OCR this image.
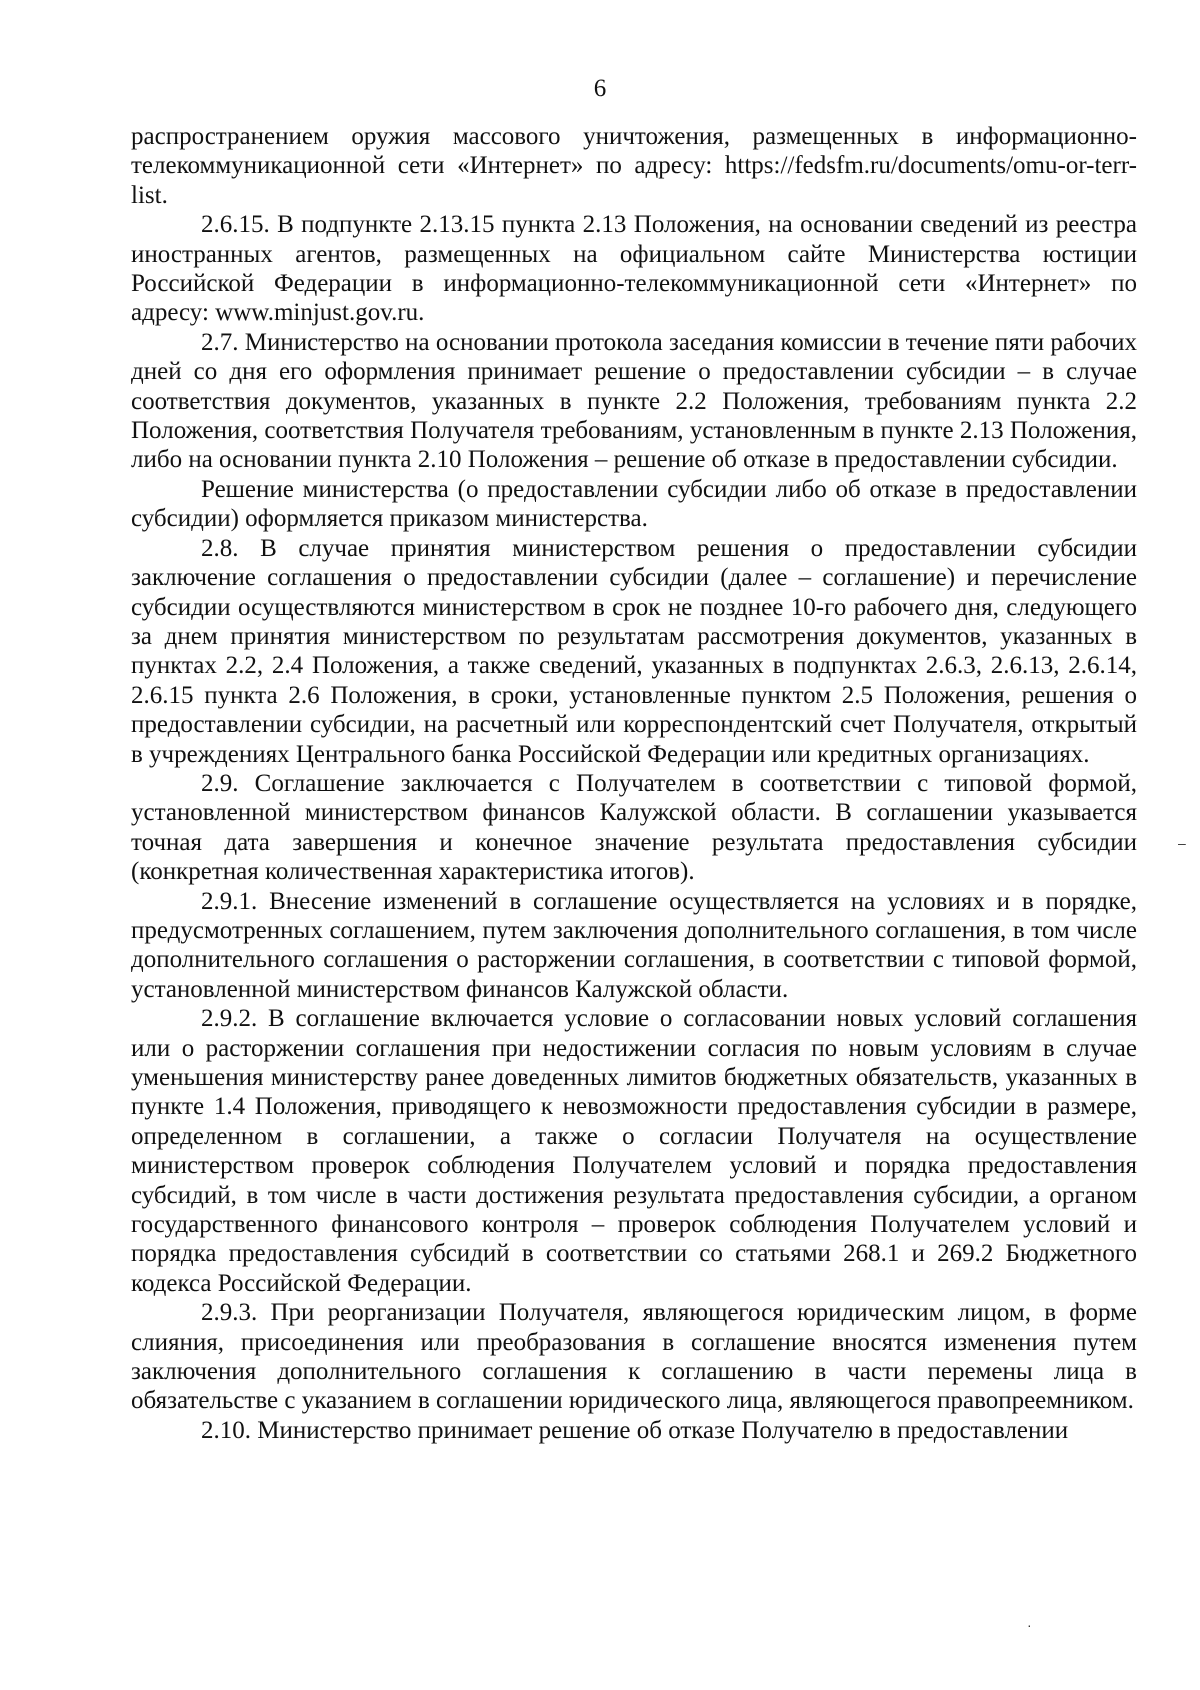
6

распространением оружия массового уничтожения, размещенных в информационно-телекоммуникационной сети «Интернет» по адресу: https://fedsfm.ru/documents/omu-or-terr-list.

2.6.15. В подпункте 2.13.15 пункта 2.13 Положения, на основании сведений из реестра иностранных агентов, размещенных на официальном сайте Министерства юстиции Российской Федерации в информационно-телекоммуникационной сети «Интернет» по адресу: www.minjust.gov.ru.

2.7. Министерство на основании протокола заседания комиссии в течение пяти рабочих дней со дня его оформления принимает решение о предоставлении субсидии – в случае соответствия документов, указанных в пункте 2.2 Положения, требованиям пункта 2.2 Положения, соответствия Получателя требованиям, установленным в пункте 2.13 Положения, либо на основании пункта 2.10 Положения – решение об отказе в предоставлении субсидии.

Решение министерства (о предоставлении субсидии либо об отказе в предоставлении субсидии) оформляется приказом министерства.

2.8. В случае принятия министерством решения о предоставлении субсидии заключение соглашения о предоставлении субсидии (далее – соглашение) и перечисление субсидии осуществляются министерством в срок не позднее 10-го рабочего дня, следующего за днем принятия министерством по результатам рассмотрения документов, указанных в пунктах 2.2, 2.4 Положения, а также сведений, указанных в подпунктах 2.6.3, 2.6.13, 2.6.14, 2.6.15 пункта 2.6 Положения, в сроки, установленные пунктом 2.5 Положения, решения о предоставлении субсидии, на расчетный или корреспондентский счет Получателя, открытый в учреждениях Центрального банка Российской Федерации или кредитных организациях.

2.9. Соглашение заключается с Получателем в соответствии с типовой формой, установленной министерством финансов Калужской области. В соглашении указывается точная дата завершения и конечное значение результата предоставления субсидии (конкретная количественная характеристика итогов).

2.9.1. Внесение изменений в соглашение осуществляется на условиях и в порядке, предусмотренных соглашением, путем заключения дополнительного соглашения, в том числе дополнительного соглашения о расторжении соглашения, в соответствии с типовой формой, установленной министерством финансов Калужской области.

2.9.2. В соглашение включается условие о согласовании новых условий соглашения или о расторжении соглашения при недостижении согласия по новым условиям в случае уменьшения министерству ранее доведенных лимитов бюджетных обязательств, указанных в пункте 1.4 Положения, приводящего к невозможности предоставления субсидии в размере, определенном в соглашении, а также о согласии Получателя на осуществление министерством проверок соблюдения Получателем условий и порядка предоставления субсидий, в том числе в части достижения результата предоставления субсидии, а органом государственного финансового контроля – проверок соблюдения Получателем условий и порядка предоставления субсидий в соответствии со статьями 268.1 и 269.2 Бюджетного кодекса Российской Федерации.

2.9.3. При реорганизации Получателя, являющегося юридическим лицом, в форме слияния, присоединения или преобразования в соглашение вносятся изменения путем заключения дополнительного соглашения к соглашению в части перемены лица в обязательстве с указанием в соглашении юридического лица, являющегося правопреемником.

2.10. Министерство принимает решение об отказе Получателю в предоставлении

–
·
